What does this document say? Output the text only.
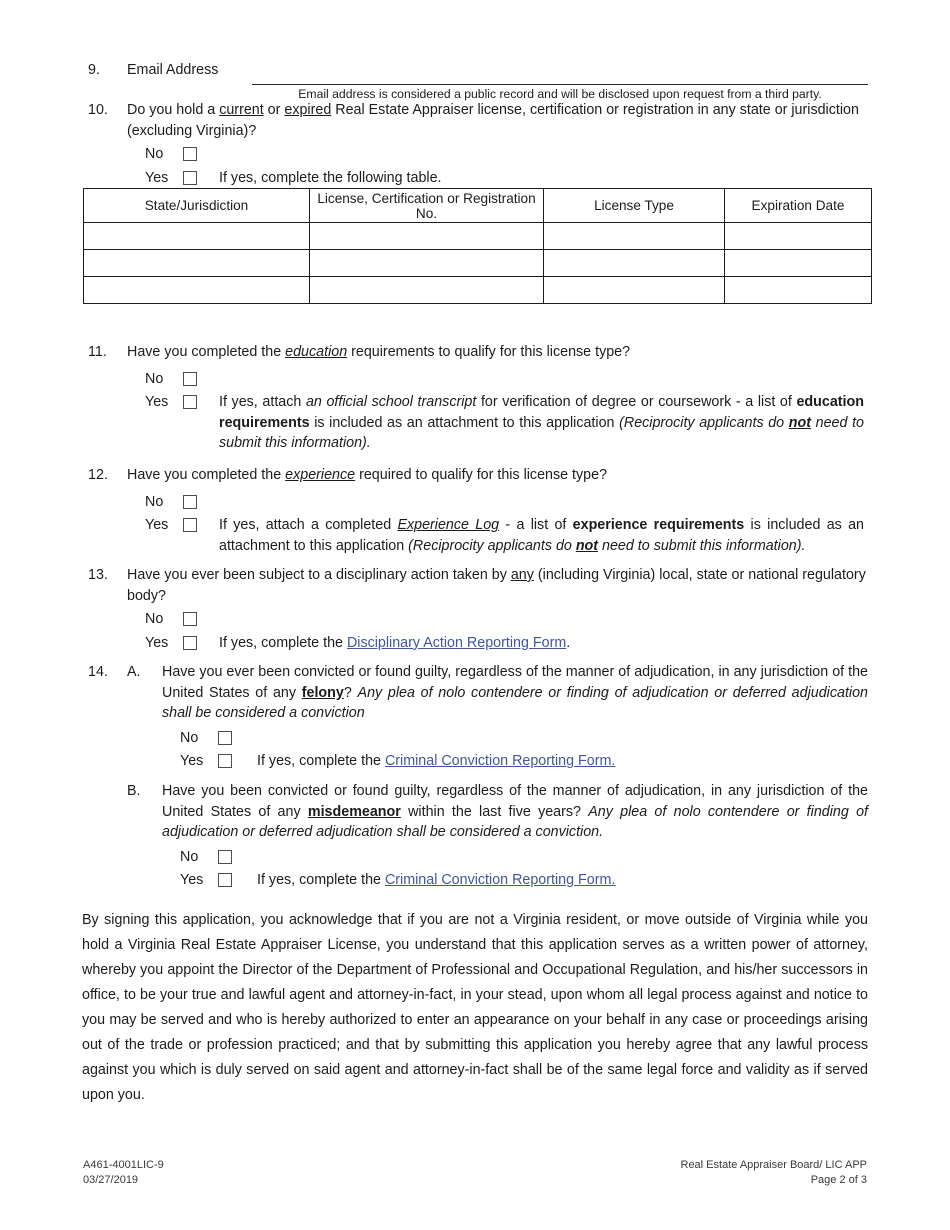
9.	Email Address
Email address is considered a public record and will be disclosed upon request from a third party.
10.	Do you hold a current or expired Real Estate Appraiser license, certification or registration in any state or jurisdiction (excluding Virginia)?
No
Yes	If yes, complete the following table.
State/Jurisdiction	License, Certification or Registration No.	License Type	Expiration Date

11.	Have you completed the education requirements to qualify for this license type?
No
Yes	If yes, attach an official school transcript for verification of degree or coursework - a list of education requirements is included as an attachment to this application (Reciprocity applicants do not need to submit this information).
12.	Have you completed the experience required to qualify for this license type?
No
Yes	If yes, attach a completed Experience Log - a list of experience requirements is included as an attachment to this application (Reciprocity applicants do not need to submit this information).
13.	Have you ever been subject to a disciplinary action taken by any (including Virginia) local, state or national regulatory body?
No
Yes	If yes, complete the Disciplinary Action Reporting Form.
14.	A.	Have you ever been convicted or found guilty, regardless of the manner of adjudication, in any jurisdiction of the United States of any felony? Any plea of nolo contendere or finding of adjudication or deferred adjudication shall be considered a conviction
No
Yes	If yes, complete the Criminal Conviction Reporting Form.
B.	Have you been convicted or found guilty, regardless of the manner of adjudication, in any jurisdiction of the United States of any misdemeanor within the last five years? Any plea of nolo contendere or finding of adjudication or deferred adjudication shall be considered a conviction.
No
Yes	If yes, complete the Criminal Conviction Reporting Form.
By signing this application, you acknowledge that if you are not a Virginia resident, or move outside of Virginia while you hold a Virginia Real Estate Appraiser License, you understand that this application serves as a written power of attorney, whereby you appoint the Director of the Department of Professional and Occupational Regulation, and his/her successors in office, to be your true and lawful agent and attorney-in-fact, in your stead, upon whom all legal process against and notice to you may be served and who is hereby authorized to enter an appearance on your behalf in any case or proceedings arising out of the trade or profession practiced; and that by submitting this application you hereby agree that any lawful process against you which is duly served on said agent and attorney-in-fact shall be of the same legal force and validity as if served upon you.
A461-4001LIC-9
03/27/2019
Real Estate Appraiser Board/ LIC APP
Page 2 of 3
